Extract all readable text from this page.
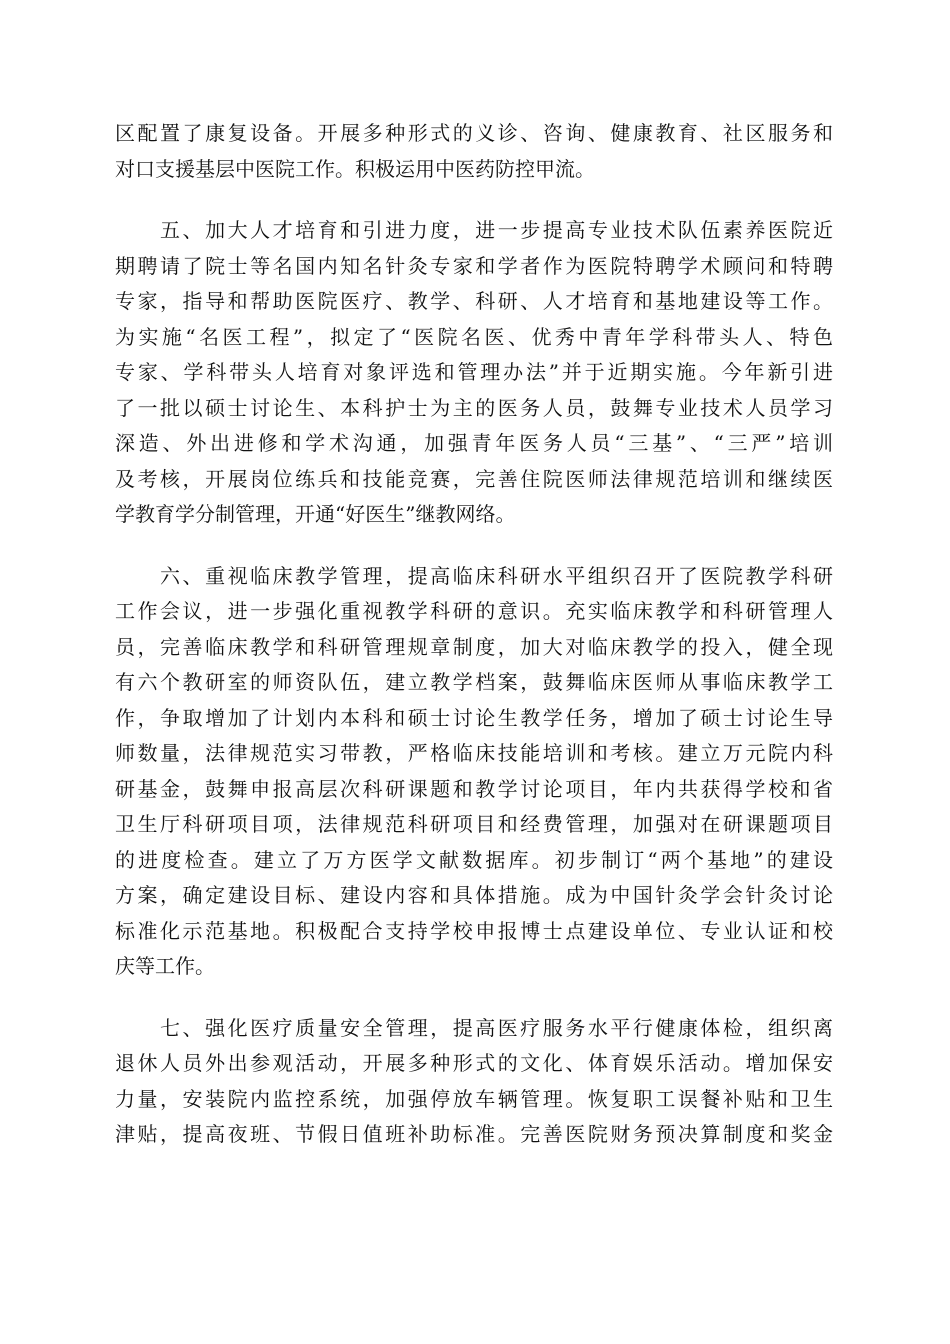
区配置了康复设备。开展多种形式的义诊、咨询、健康教育、社区服务和
对口支援基层中医院工作。积极运用中医药防控甲流。
　　五、加大人才培育和引进力度，进一步提高专业技术队伍素养医院近
期聘请了院士等名国内知名针灸专家和学者作为医院特聘学术顾问和特聘
专家，指导和帮助医院医疗、教学、科研、人才培育和基地建设等工作。
为实施“名医工程”，拟定了“医院名医、优秀中青年学科带头人、特色
专家、学科带头人培育对象评选和管理办法”并于近期实施。今年新引进
了一批以硕士讨论生、本科护士为主的医务人员，鼓舞专业技术人员学习
深造、外出进修和学术沟通，加强青年医务人员“三基”、“三严”培训
及考核，开展岗位练兵和技能竞赛，完善住院医师法律规范培训和继续医
学教育学分制管理，开通“好医生”继教网络。
　　六、重视临床教学管理，提高临床科研水平组织召开了医院教学科研
工作会议，进一步强化重视教学科研的意识。充实临床教学和科研管理人
员，完善临床教学和科研管理规章制度，加大对临床教学的投入，健全现
有六个教研室的师资队伍，建立教学档案，鼓舞临床医师从事临床教学工
作，争取增加了计划内本科和硕士讨论生教学任务，增加了硕士讨论生导
师数量，法律规范实习带教，严格临床技能培训和考核。建立万元院内科
研基金，鼓舞申报高层次科研课题和教学讨论项目，年内共获得学校和省
卫生厅科研项目项，法律规范科研项目和经费管理，加强对在研课题项目
的进度检查。建立了万方医学文献数据库。初步制订“两个基地”的建设
方案，确定建设目标、建设内容和具体措施。成为中国针灸学会针灸讨论
标准化示范基地。积极配合支持学校申报博士点建设单位、专业认证和校
庆等工作。
　　七、强化医疗质量安全管理，提高医疗服务水平行健康体检，组织离
退休人员外出参观活动，开展多种形式的文化、体育娱乐活动。增加保安
力量，安装院内监控系统，加强停放车辆管理。恢复职工误餐补贴和卫生
津贴，提高夜班、节假日值班补助标准。完善医院财务预决算制度和奖金
